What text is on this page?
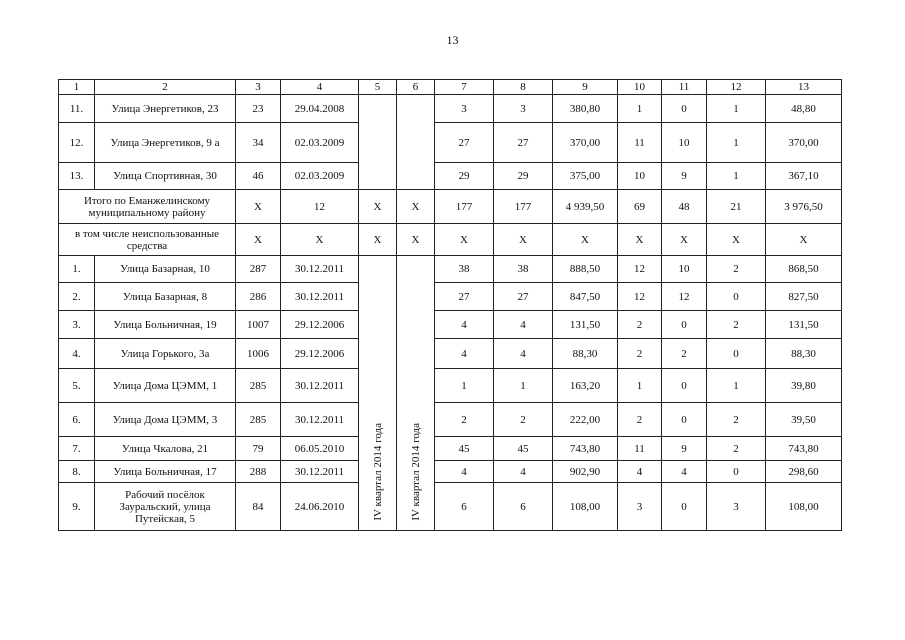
13
1	2	3	4	5	6	7	8	9	10	11	12	13
11.	Улица Энергетиков, 23	23	29.04.2008			3	3	380,80	1	0	1	48,80
12.	Улица Энергетиков, 9 а	34	02.03.2009			27	27	370,00	11	10	1	370,00
13.	Улица Спортивная, 30	46	02.03.2009			29	29	375,00	10	9	1	367,10
Итого по Еманжелинскому муниципальному району		X	12	X	X	177	177	4 939,50	69	48	21	3 976,50
в том числе неиспользованные средства		X	X	X	X	X	X	X	X	X	X	X
1.	Улица Базарная, 10	287	30.12.2011	IV квартал 2014 года	IV квартал 2014 года	38	38	888,50	12	10	2	868,50
2.	Улица Базарная, 8	286	30.12.2011			27	27	847,50	12	12	0	827,50
3.	Улица Больничная, 19	1007	29.12.2006			4	4	131,50	2	0	2	131,50
4.	Улица Горького, 3а	1006	29.12.2006			4	4	88,30	2	2	0	88,30
5.	Улица Дома ЦЭММ, 1	285	30.12.2011			1	1	163,20	1	0	1	39,80
6.	Улица Дома ЦЭММ, 3	285	30.12.2011			2	2	222,00	2	0	2	39,50
7.	Улица Чкалова, 21	79	06.05.2010			45	45	743,80	11	9	2	743,80
8.	Улица Больничная, 17	288	30.12.2011			4	4	902,90	4	4	0	298,60
9.	Рабочий посёлок Зауральский, улица Путейская, 5	84	24.06.2010			6	6	108,00	3	0	3	108,00
